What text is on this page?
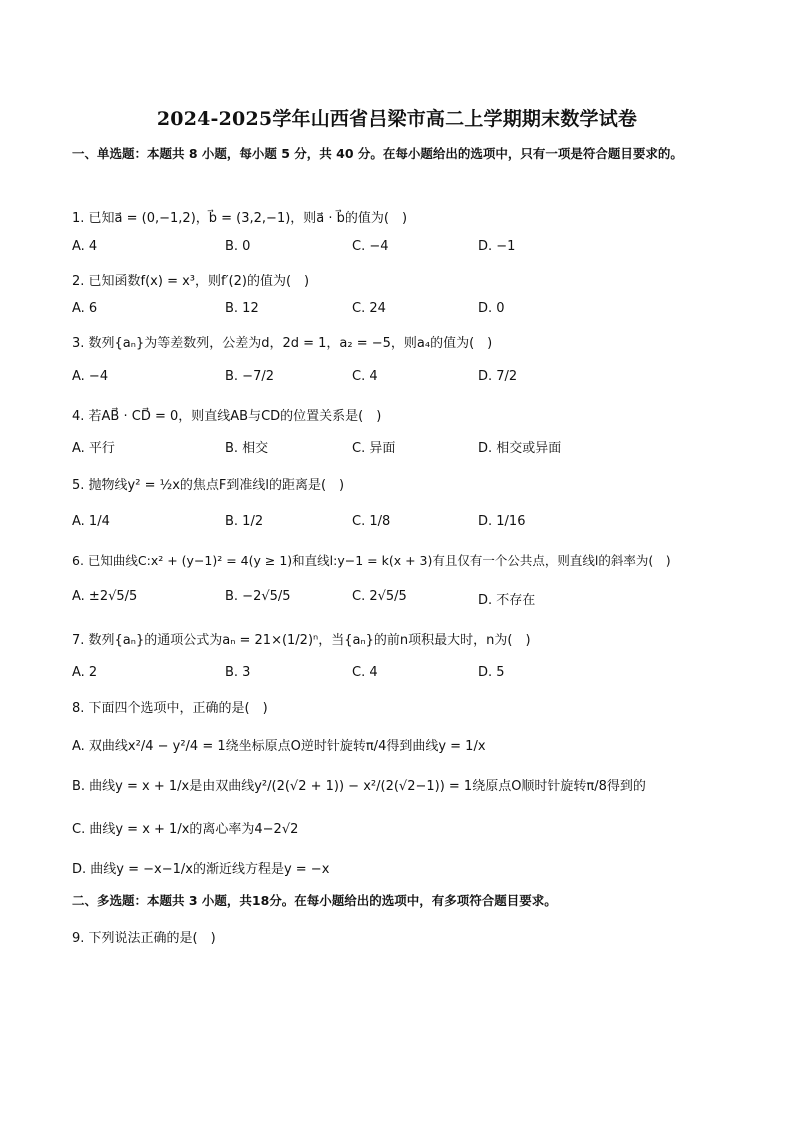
2024-2025学年山西省吕梁市高二上学期期末数学试卷
一、单选题：本题共 8 小题，每小题 5 分，共 40 分。在每小题给出的选项中，只有一项是符合题目要求的。
1. 已知a⃗ = (0,−1,2)，b⃗ = (3,2,−1)，则a⃗ · b⃗的值为(　)
A. 4	B. 0	C. −4	D. −1
2. 已知函数f(x) = x³，则f′(2)的值为(　)
A. 6	B. 12	C. 24	D. 0
3. 数列{aₙ}为等差数列，公差为d，2d = 1，a₂ = −5，则a₄的值为(　)
A. −4	B. −7/2	C. 4	D. 7/2
4. 若AB⃗ · CD⃗ = 0，则直线AB与CD的位置关系是(　)
A. 平行	B. 相交	C. 异面	D. 相交或异面
5. 抛物线y² = ½x的焦点F到准线l的距离是(　)
A. 1/4	B. 1/2	C. 1/8	D. 1/16
6. 已知曲线C:x² + (y−1)² = 4(y ≥ 1)和直线l:y−1 = k(x + 3)有且仅有一个公共点，则直线l的斜率为(　)
A. ±2√5/5	B. −2√5/5	C. 2√5/5	D. 不存在
7. 数列{aₙ}的通项公式为aₙ = 21×(1/2)ⁿ，当{aₙ}的前n项积最大时，n为(　)
A. 2	B. 3	C. 4	D. 5
8. 下面四个选项中，正确的是(　)
A. 双曲线x²/4 − y²/4 = 1绕坐标原点O逆时针旋转π/4得到曲线y = 1/x
B. 曲线y = x + 1/x是由双曲线y²/(2(√2 + 1)) − x²/(2(√2−1)) = 1绕原点O顺时针旋转π/8得到的
C. 曲线y = x + 1/x的离心率为4−2√2
D. 曲线y = −x−1/x的渐近线方程是y = −x
二、多选题：本题共 3 小题，共18分。在每小题给出的选项中，有多项符合题目要求。
9. 下列说法正确的是(　)
